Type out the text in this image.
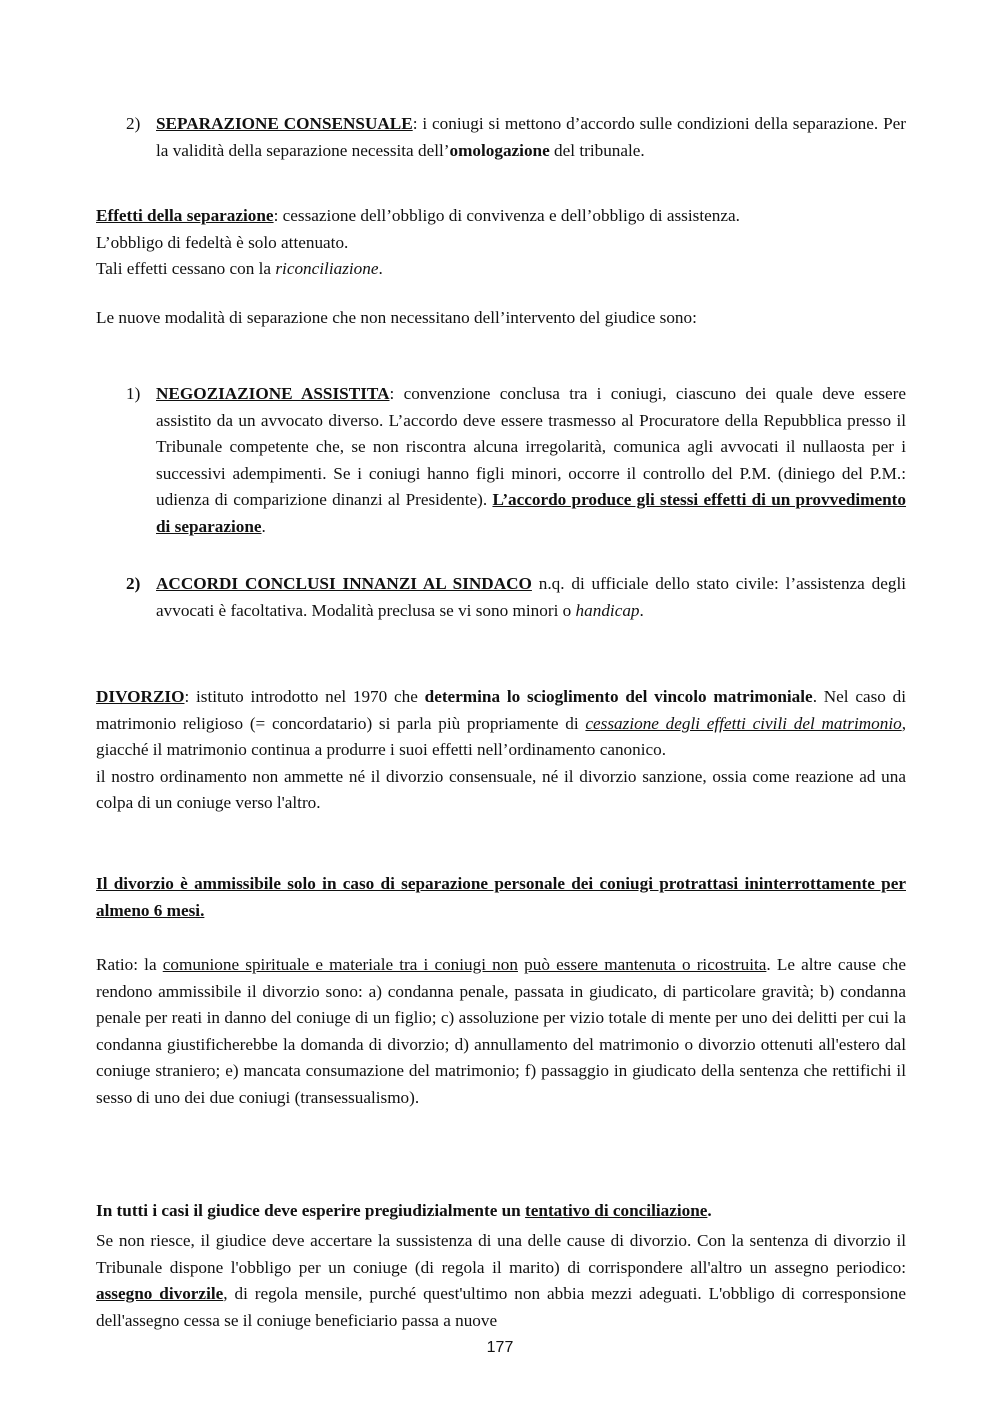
2) SEPARAZIONE CONSENSUALE: i coniugi si mettono d’accordo sulle condizioni della separazione. Per la validità della separazione necessita dell’omologazione del tribunale.
Effetti della separazione: cessazione dell’obbligo di convivenza e dell’obbligo di assistenza.
L’obbligo di fedeltà è solo attenuato.
Tali effetti cessano con la riconciliazione.

Le nuove modalità di separazione che non necessitano dell’intervento del giudice sono:

1) NEGOZIAZIONE ASSISTITA: convenzione conclusa tra i coniugi, ciascuno dei quale deve essere assistito da un avvocato diverso. L’accordo deve essere trasmesso al Procuratore della Repubblica presso il Tribunale competente che, se non riscontra alcuna irregolarità, comunica agli avvocati il nullaosta per i successivi adempimenti. Se i coniugi hanno figli minori, occorre il controllo del P.M. (diniego del P.M.: udienza di comparizione dinanzi al Presidente). L’accordo produce gli stessi effetti di un provvedimento di separazione.
2) ACCORDI CONCLUSI INNANZI AL SINDACO n.q. di ufficiale dello stato civile: l’assistenza degli avvocati è facoltativa. Modalità preclusa se vi sono minori o handicap.
DIVORZIO: istituto introdotto nel 1970 che determina lo scioglimento del vincolo matrimoniale. Nel caso di matrimonio religioso (= concordatario) si parla più propriamente di cessazione degli effetti civili del matrimonio, giacché il matrimonio continua a produrre i suoi effetti nell’ordinamento canonico.
il nostro ordinamento non ammette né il divorzio consensuale, né il divorzio sanzione, ossia come reazione ad una colpa di un coniuge verso l'altro.

Il divorzio è ammissibile solo in caso di separazione personale dei coniugi protrattasi ininterrottamente per almeno 6 mesi.

Ratio: la comunione spirituale e materiale tra i coniugi non può essere mantenuta o ricostruita. Le altre cause che rendono ammissibile il divorzio sono: a) condanna penale, passata in giudicato, di particolare gravità; b) condanna penale per reati in danno del coniuge di un figlio; c) assoluzione per vizio totale di mente per uno dei delitti per cui la condanna giustificherebbe la domanda di divorzio; d) annullamento del matrimonio o divorzio ottenuti all'estero dal coniuge straniero; e) mancata consumazione del matrimonio; f) passaggio in giudicato della sentenza che rettifichi il sesso di uno dei due coniugi (transessualismo).

In tutti i casi il giudice deve esperire pregiudizialmente un tentativo di conciliazione.

Se non riesce, il giudice deve accertare la sussistenza di una delle cause di divorzio. Con la sentenza di divorzio il Tribunale dispone l'obbligo per un coniuge (di regola il marito) di corrispondere all'altro un assegno periodico: assegno divorzile, di regola mensile, purché quest'ultimo non abbia mezzi adeguati. L'obbligo di corresponsione dell'assegno cessa se il coniuge beneficiario passa a nuove
177
